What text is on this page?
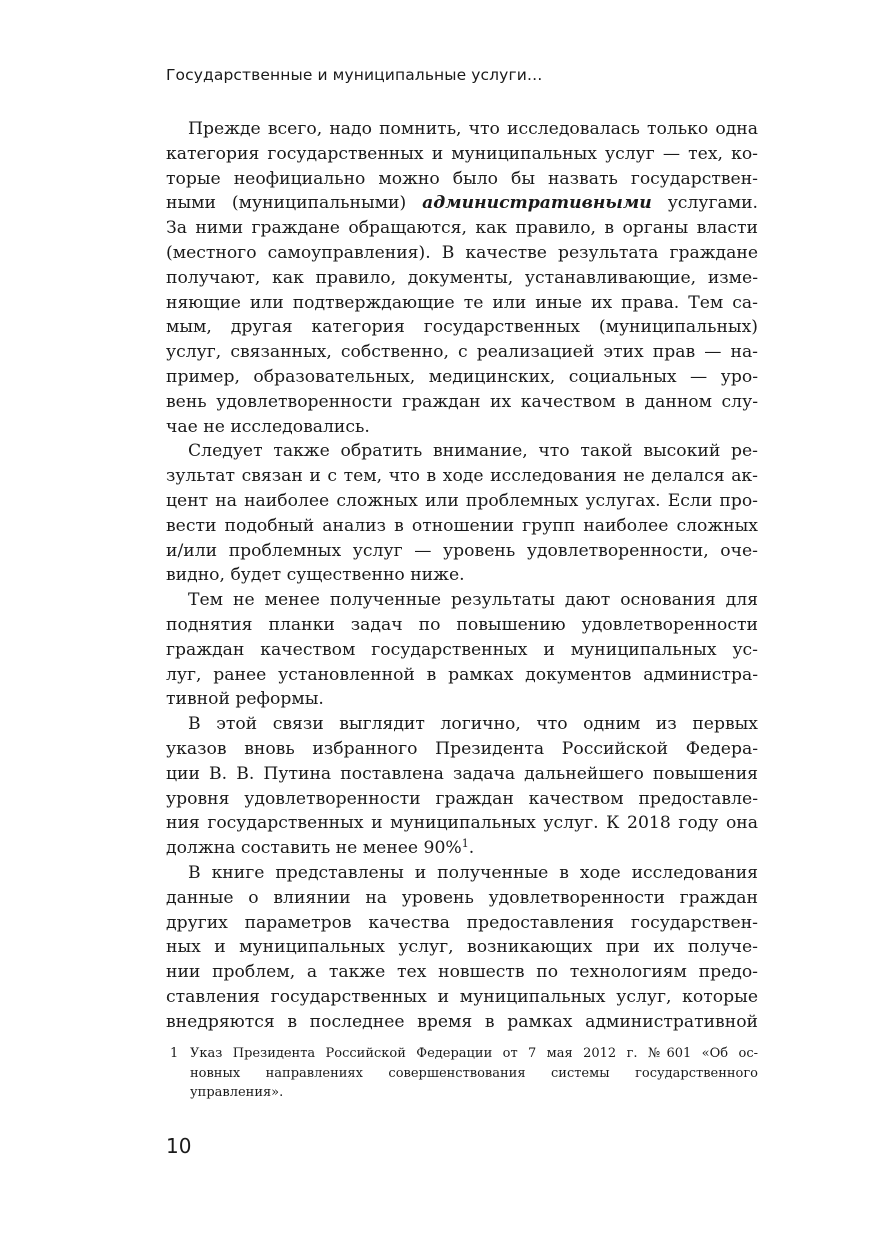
Государственные и муниципальные услуги…
Прежде всего, надо помнить, что исследовалась только одна
категория государственных и муниципальных услуг — тех, ко-
торые неофициально можно было бы назвать государствен-
ными (муниципальными) административными услугами.
За ними граждане обращаются, как правило, в органы власти
(местного самоуправления). В качестве результата граждане
получают, как правило, документы, устанавливающие, изме-
няющие или подтверждающие те или иные их права. Тем са-
мым, другая категория государственных (муниципальных)
услуг, связанных, собственно, с реализацией этих прав — на-
пример, образовательных, медицинских, социальных — уро-
вень удовлетворенности граждан их качеством в данном слу-
чае не исследовались.
Следует также обратить внимание, что такой высокий ре-
зультат связан и с тем, что в ходе исследования не делался ак-
цент на наиболее сложных или проблемных услугах. Если про-
вести подобный анализ в отношении групп наиболее сложных
и/или проблемных услуг — уровень удовлетворенности, оче-
видно, будет существенно ниже.
Тем не менее полученные результаты дают основания для
поднятия планки задач по повышению удовлетворенности
граждан качеством государственных и муниципальных ус-
луг, ранее установленной в рамках документов администра-
тивной реформы.
В этой связи выглядит логично, что одним из первых
указов вновь избранного Президента Российской Федера-
ции В. В. Путина поставлена задача дальнейшего повышения
уровня удовлетворенности граждан качеством предоставле-
ния государственных и муниципальных услуг. К 2018 году она
должна составить не менее 90%$^1$.
В книге представлены и полученные в ходе исследования
данные о влиянии на уровень удовлетворенности граждан
других параметров качества предоставления государствен-
ных и муниципальных услуг, возникающих при их получе-
нии проблем, а также тех новшеств по технологиям предо-
ставления государственных и муниципальных услуг, которые
внедряются в последнее время в рамках административной
1 Указ Президента Российской Федерации от 7 мая 2012 г. №601 «Об ос-
новных направлениях совершенствования системы государственного
управления».
10
